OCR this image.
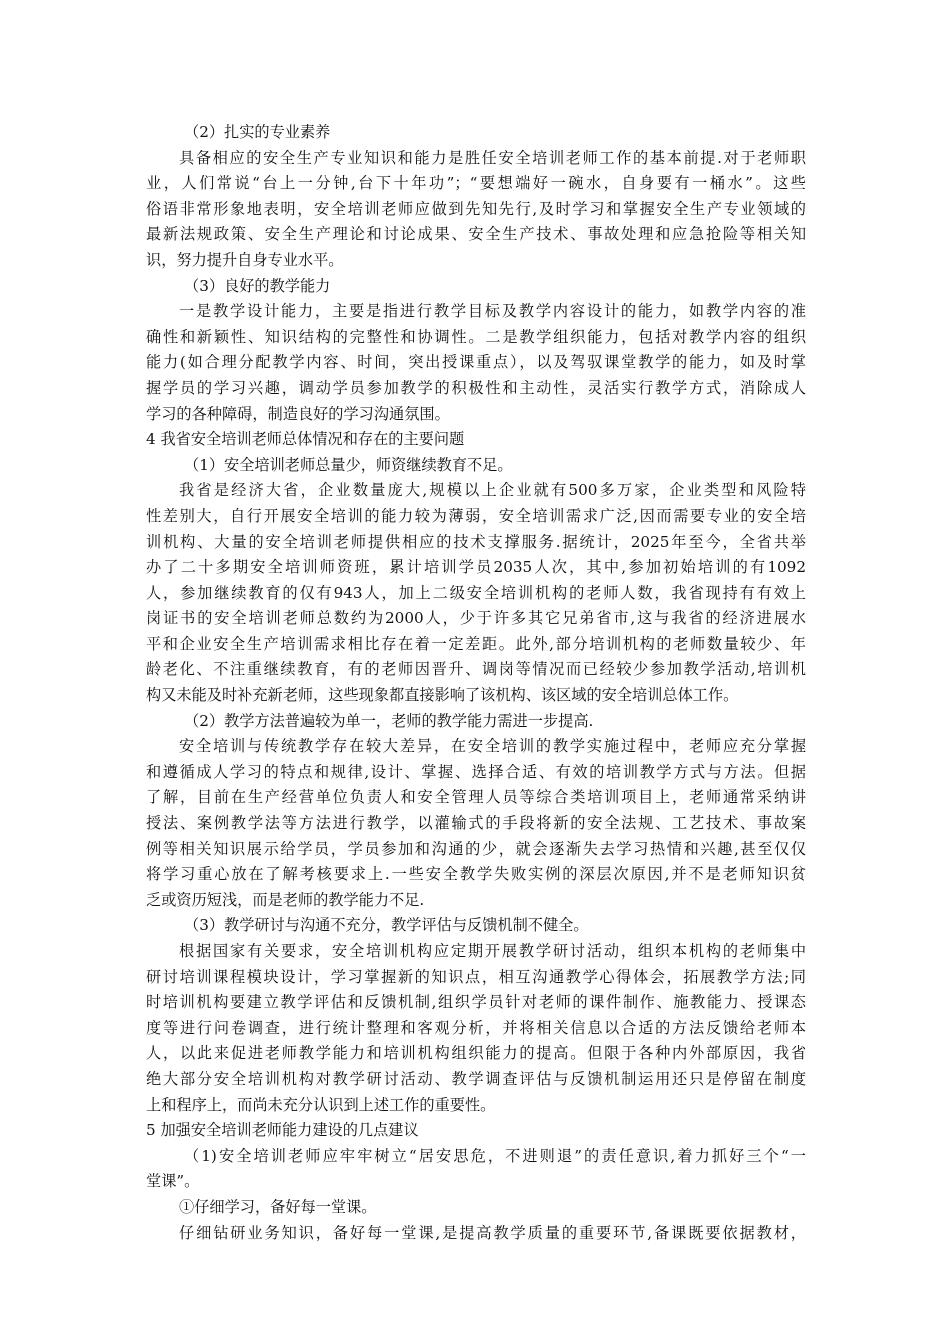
（2）扎实的专业素养
具备相应的安全生产专业知识和能力是胜任安全培训老师工作的基本前提.对于老师职
业，人们常说“台上一分钟,台下十年功”；“要想端好一碗水，自身要有一桶水”。这些
俗语非常形象地表明，安全培训老师应做到先知先行,及时学习和掌握安全生产专业领域的
最新法规政策、安全生产理论和讨论成果、安全生产技术、事故处理和应急抢险等相关知
识，努力提升自身专业水平。
（3）良好的教学能力
一是教学设计能力，主要是指进行教学目标及教学内容设计的能力，如教学内容的准
确性和新颖性、知识结构的完整性和协调性。二是教学组织能力，包括对教学内容的组织
能力(如合理分配教学内容、时间，突出授课重点），以及驾驭课堂教学的能力，如及时掌
握学员的学习兴趣，调动学员参加教学的积极性和主动性，灵活实行教学方式，消除成人
学习的各种障碍，制造良好的学习沟通氛围。
4 我省安全培训老师总体情况和存在的主要问题
（1）安全培训老师总量少，师资继续教育不足。
我省是经济大省，企业数量庞大,规模以上企业就有500多万家，企业类型和风险特
性差别大，自行开展安全培训的能力较为薄弱，安全培训需求广泛,因而需要专业的安全培
训机构、大量的安全培训老师提供相应的技术支撑服务.据统计，2025年至今，全省共举
办了二十多期安全培训师资班，累计培训学员2035人次，其中,参加初始培训的有1092
人，参加继续教育的仅有943人，加上二级安全培训机构的老师人数，我省现持有有效上
岗证书的安全培训老师总数约为2000人，少于许多其它兄弟省市,这与我省的经济进展水
平和企业安全生产培训需求相比存在着一定差距。此外,部分培训机构的老师数量较少、年
龄老化、不注重继续教育，有的老师因晋升、调岗等情况而已经较少参加教学活动,培训机
构又未能及时补充新老师，这些现象都直接影响了该机构、该区域的安全培训总体工作。
（2）教学方法普遍较为单一，老师的教学能力需进一步提高.
安全培训与传统教学存在较大差异，在安全培训的教学实施过程中，老师应充分掌握
和遵循成人学习的特点和规律,设计、掌握、选择合适、有效的培训教学方式与方法。但据
了解，目前在生产经营单位负责人和安全管理人员等综合类培训项目上，老师通常采纳讲
授法、案例教学法等方法进行教学，以灌输式的手段将新的安全法规、工艺技术、事故案
例等相关知识展示给学员，学员参加和沟通的少，就会逐渐失去学习热情和兴趣,甚至仅仅
将学习重心放在了解考核要求上.一些安全教学失败实例的深层次原因,并不是老师知识贫
乏或资历短浅，而是老师的教学能力不足.
（3）教学研讨与沟通不充分，教学评估与反馈机制不健全。
根据国家有关要求，安全培训机构应定期开展教学研讨活动，组织本机构的老师集中
研讨培训课程模块设计，学习掌握新的知识点，相互沟通教学心得体会，拓展教学方法;同
时培训机构要建立教学评估和反馈机制,组织学员针对老师的课件制作、施教能力、授课态
度等进行问卷调查，进行统计整理和客观分析，并将相关信息以合适的方法反馈给老师本
人，以此来促进老师教学能力和培训机构组织能力的提高。但限于各种内外部原因，我省
绝大部分安全培训机构对教学研讨活动、教学调查评估与反馈机制运用还只是停留在制度
上和程序上，而尚未充分认识到上述工作的重要性。
5 加强安全培训老师能力建设的几点建议
（1)安全培训老师应牢牢树立“居安思危，不进则退”的责任意识,着力抓好三个“一
堂课”。
①仔细学习，备好每一堂课。
仔细钻研业务知识，备好每一堂课,是提高教学质量的重要环节,备课既要依据教材，
